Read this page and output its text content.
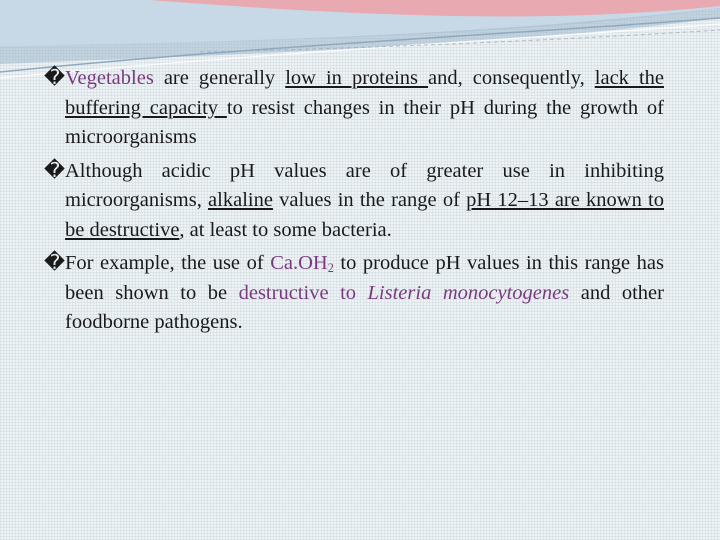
� Vegetables are generally low in proteins and, consequently, lack the buffering capacity to resist changes in their pH during the growth of microorganisms

� Although acidic pH values are of greater use in inhibiting microorganisms, alkaline values in the range of pH 12–13 are known to be destructive, at least to some bacteria.

� For example, the use of $Ca.OH_2$ to produce pH values in this range has been shown to be destructive to Listeria monocytogenes and other foodborne pathogens.
